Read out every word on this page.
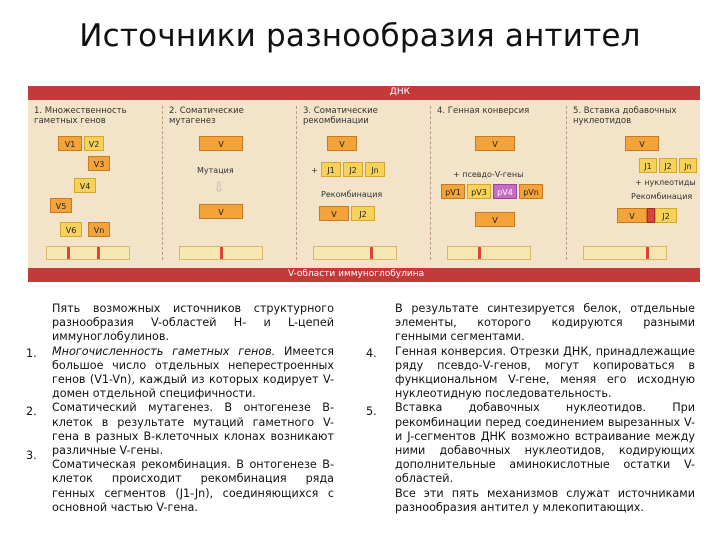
Источники разнообразия антител
ДНК
1. Множественность гаметных генов
V1	V2
V3
V4
V5
V6	Vn
2. Соматические мутагенез
V
Мутация
⇩
V
3. Соматические рекомбинации
V
+	J1	J2	Jn
Рекомбинация
V	J2
4. Генная конверсия
V
+ псевдо-V-гены
pV1	pV3	pV4	pVn
V
5. Вставка добавочных нуклеотидов
V
J1	J2	Jn
+ нуклеотиды
Рекомбинация
V	J2
V-области иммуноглобулина

Пять возможных источников структурного разнообразия V-областей H- и L-цепей иммуноглобулинов.

Многочисленность гаметных генов. Имеется большое число отдельных неперестроенных генов (V1-Vn), каждый из которых кодирует V-домен отдельной специфичности.

Соматический мутагенез. В онтогенезе В-клеток в результате мутаций гаметного V-гена в разных В-клеточных клонах возникают различные V-гены.

Соматическая рекомбинация. В онтогенезе В-клеток происходит рекомбинация ряда генных сегментов (J1-Jn), соединяющихся с основной частью V-гена.

1.
2.
3.

В результате синтезируется белок, отдельные элементы, которого кодируются разными генными сегментами.

Генная конверсия. Отрезки ДНК, принадлежащие ряду псевдо-V-генов, могут копироваться в функциональном V-гене, меняя его исходную нуклеотидную последовательность.

Вставка добавочных нуклеотидов. При рекомбинации перед соединением вырезанных V- и J-сегментов ДНК возможно встраивание между ними добавочных нуклеотидов, кодирующих дополнительные аминокислотные остатки V-областей.

Все эти пять механизмов служат источниками разнообразия антител у млекопитающих.

4.
5.
